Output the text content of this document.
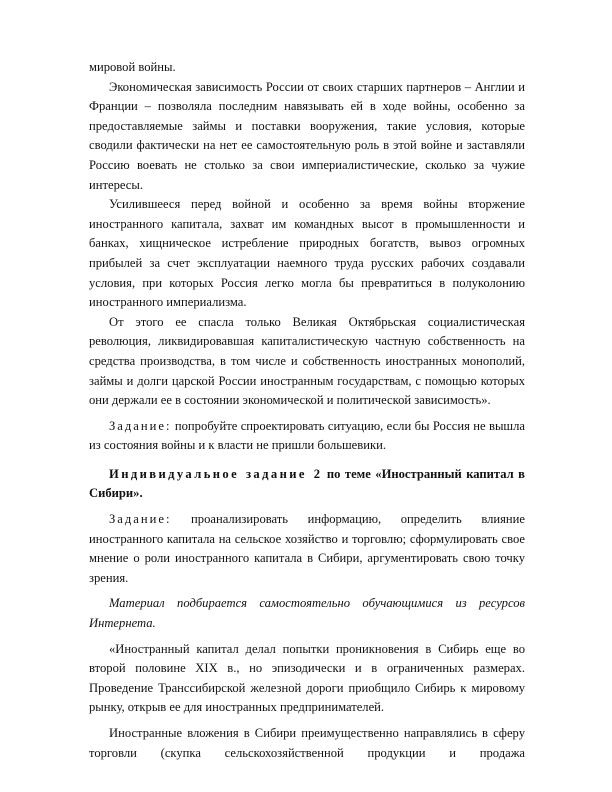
мировой войны.

Экономическая зависимость России от своих старших партнеров – Англии и Франции – позволяла последним навязывать ей в ходе войны, особенно за предоставляемые займы и поставки вооружения, такие условия, которые сводили фактически на нет ее самостоятельную роль в этой войне и заставляли Россию воевать не столько за свои империалистические, сколько за чужие интересы.

Усилившееся перед войной и особенно за время войны вторжение иностранного капитала, захват им командных высот в промышленности и банках, хищническое истребление природных богатств, вывоз огромных прибылей за счет эксплуатации наемного труда русских рабочих создавали условия, при которых Россия легко могла бы превратиться в полуколонию иностранного империализма.

От этого ее спасла только Великая Октябрьская социалистическая революция, ликвидировавшая капиталистическую частную собственность на средства производства, в том числе и собственность иностранных монополий, займы и долги царской России иностранным государствам, с помощью которых они держали ее в состоянии экономической и политической зависимость».

Задание: попробуйте спроектировать ситуацию, если бы Россия не вышла из состояния войны и к власти не пришли большевики.

Индивидуальное задание 2 по теме «Иностранный капитал в Сибири».

Задание: проанализировать информацию, определить влияние иностранного капитала на сельское хозяйство и торговлю; сформулировать свое мнение о роли иностранного капитала в Сибири, аргументировать свою точку зрения.

Материал подбирается самостоятельно обучающимися из ресурсов Интернета.

«Иностранный капитал делал попытки проникновения в Сибирь еще во второй половине XIX в., но эпизодически и в ограниченных размерах. Проведение Транссибирской железной дороги приобщило Сибирь к мировому рынку, открыв ее для иностранных предпринимателей.

Иностранные вложения в Сибири преимущественно направлялись в сферу торговли (скупка сельскохозяйственной продукции и продажа
